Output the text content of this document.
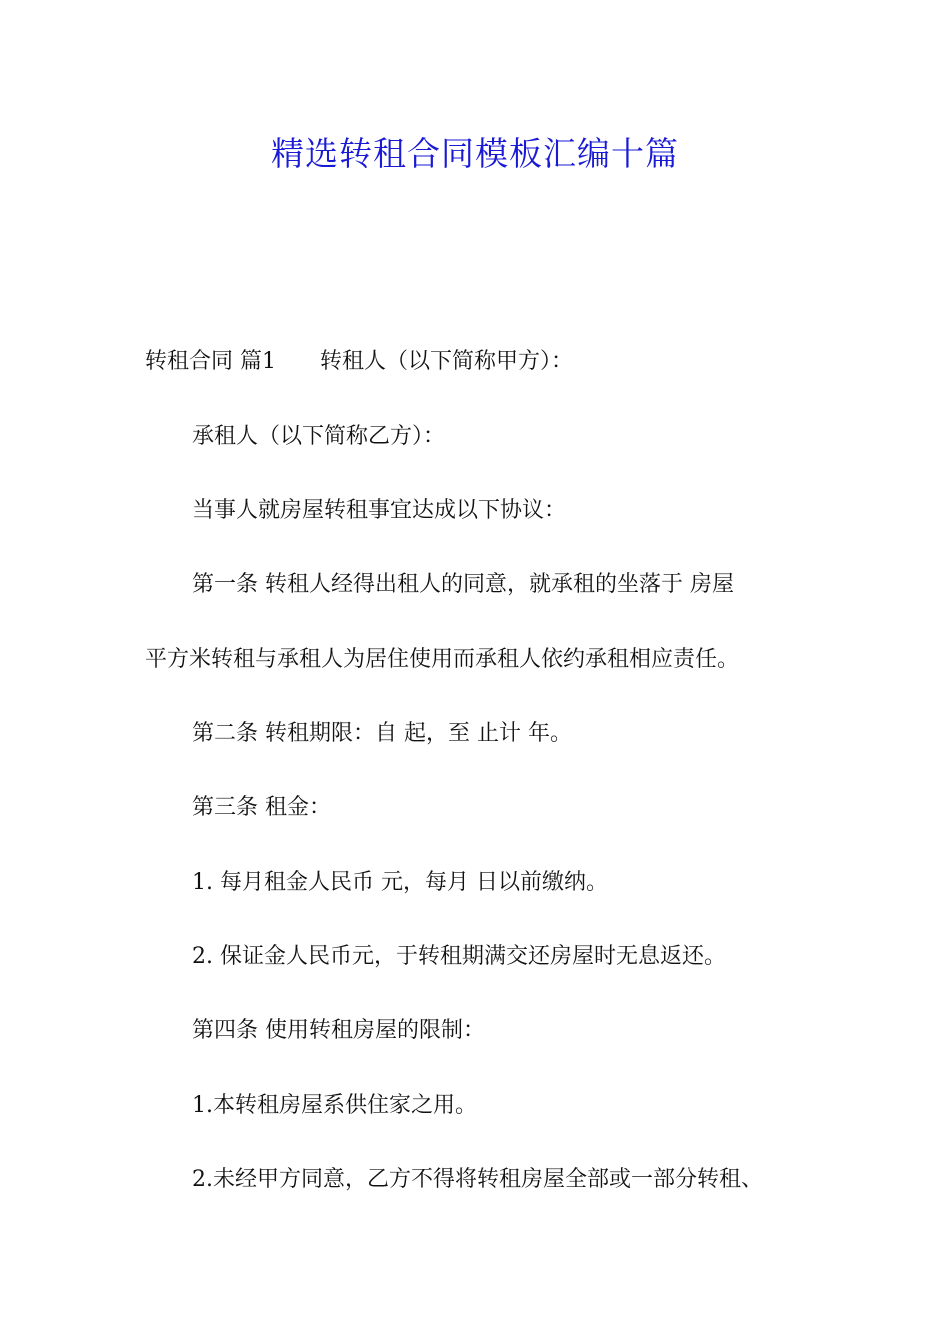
精选转租合同模板汇编十篇

转租合同 篇1　　转租人（以下简称甲方）：

承租人（以下简称乙方）：

当事人就房屋转租事宜达成以下协议：

第一条 转租人经得出租人的同意，就承租的坐落于 房屋

平方米转租与承租人为居住使用而承租人依约承租相应责任。

第二条 转租期限：自 起，至 止计 年。

第三条 租金：

1. 每月租金人民币 元，每月 日以前缴纳。

2. 保证金人民币元，于转租期满交还房屋时无息返还。

第四条 使用转租房屋的限制：

1.本转租房屋系供住家之用。

2.未经甲方同意，乙方不得将转租房屋全部或一部分转租、
